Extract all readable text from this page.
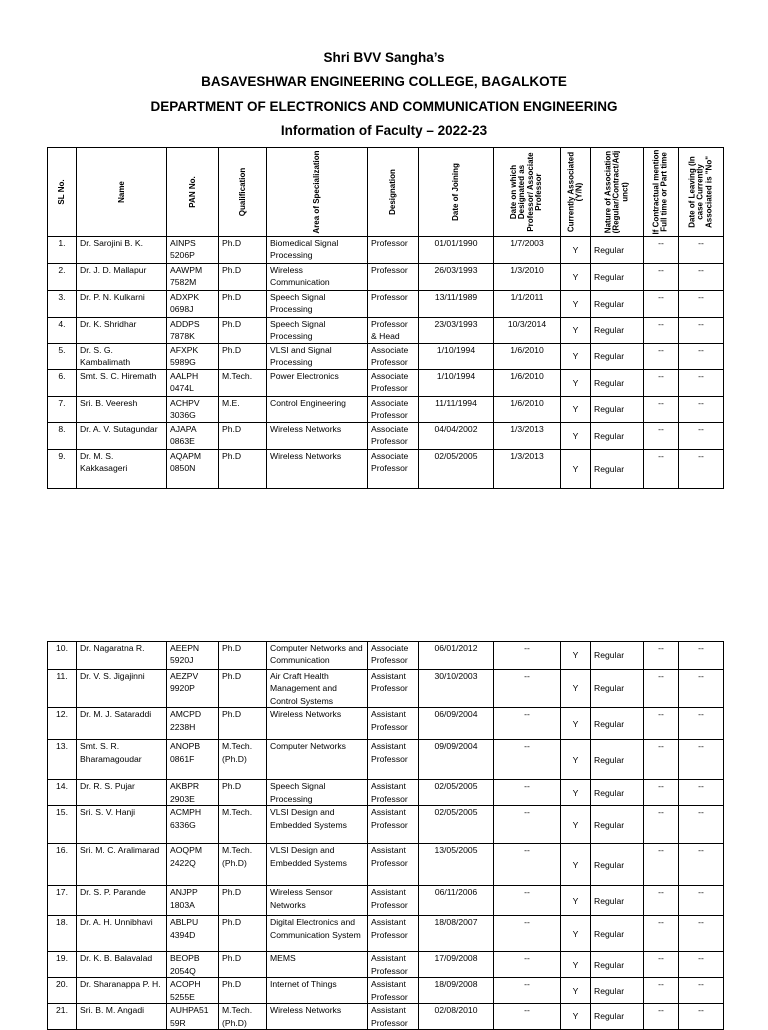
Shri BVV Sangha’s
BASAVESHWAR ENGINEERING COLLEGE, BAGALKOTE
DEPARTMENT OF ELECTRONICS AND COMMUNICATION ENGINEERING
Information of Faculty – 2022-23
SL No.	Name	PAN No.	Qualification	Area of Specialization	Designation	Date of Joining	Date on which Designated as Professor/ Associate Professor	Currently Associated (Y/N)	Nature of Association (Regular/Contract/Adj unct)	If Contractual mention Full time or Part time	Date of Leaving (In case Currently Associated is "No"

1.	Dr. Sarojini B. K.	AINPS 5206P	Ph.D	Biomedical Signal Processing	Professor	01/01/1990	1/7/2003	Y	Regular	--	--
2.	Dr. J. D. Mallapur	AAWPM 7582M	Ph.D	Wireless Communication	Professor	26/03/1993	1/3/2010	Y	Regular	--	--
3.	Dr. P. N. Kulkarni	ADXPK 0698J	Ph.D	Speech Signal Processing	Professor	13/11/1989	1/1/2011	Y	Regular	--	--
4.	Dr. K. Shridhar	ADDPS 7878K	Ph.D	Speech Signal Processing	Professor & Head	23/03/1993	10/3/2014	Y	Regular	--	--
5.	Dr. S. G. Kambalimath	AFXPK 5989G	Ph.D	VLSI and Signal Processing	Associate Professor	1/10/1994	1/6/2010	Y	Regular	--	--
6.	Smt. S. C. Hiremath	AALPH 0474L	M.Tech.	Power Electronics	Associate Professor	1/10/1994	1/6/2010	Y	Regular	--	--
7.	Sri. B. Veeresh	ACHPV 3036G	M.E.	Control Engineering	Associate Professor	11/11/1994	1/6/2010	Y	Regular	--	--
8.	Dr. A. V. Sutagundar	AJAPA 0863E	Ph.D	Wireless Networks	Associate Professor	04/04/2002	1/3/2013	Y	Regular	--	--
9.	Dr. M. S. Kakkasageri	AQAPM 0850N	Ph.D	Wireless Networks	Associate Professor	02/05/2005	1/3/2013	Y	Regular	--	--
10.	Dr. Nagaratna R.	AEEPN 5920J	Ph.D	Computer Networks and Communication	Associate Professor	06/01/2012	--	Y	Regular	--	--
11.	Dr. V. S. Jigajinni	AEZPV 9920P	Ph.D	Air Craft Health Management and Control Systems	Assistant Professor	30/10/2003	--	Y	Regular	--	--
12.	Dr. M. J. Sataraddi	AMCPD 2238H	Ph.D	Wireless Networks	Assistant Professor	06/09/2004	--	Y	Regular	--	--
13.	Smt. S. R. Bharamagoudar	ANOPB 0861F	M.Tech. (Ph.D)	Computer Networks	Assistant Professor	09/09/2004	--	Y	Regular	--	--
14.	Dr. R. S. Pujar	AKBPR 2903E	Ph.D	Speech Signal Processing	Assistant Professor	02/05/2005	--	Y	Regular	--	--
15.	Sri. S. V. Hanji	ACMPH 6336G	M.Tech.	VLSI Design and Embedded Systems	Assistant Professor	02/05/2005	--	Y	Regular	--	--
16.	Sri. M. C. Aralimarad	AOQPM 2422Q	M.Tech. (Ph.D)	VLSI Design and Embedded Systems	Assistant Professor	13/05/2005	--	Y	Regular	--	--
17.	Dr. S. P. Parande	ANJPP 1803A	Ph.D	Wireless Sensor Networks	Assistant Professor	06/11/2006	--	Y	Regular	--	--
18.	Dr. A. H. Unnibhavi	ABLPU 4394D	Ph.D	Digital Electronics and Communication System	Assistant Professor	18/08/2007	--	Y	Regular	--	--
19.	Dr. K. B. Balavalad	BEOPB 2054Q	Ph.D	MEMS	Assistant Professor	17/09/2008	--	Y	Regular	--	--
20.	Dr. Sharanappa P. H.	ACOPH 5255E	Ph.D	Internet of Things	Assistant Professor	18/09/2008	--	Y	Regular	--	--
21.	Sri. B. M. Angadi	AUHPA51 59R	M.Tech. (Ph.D)	Wireless Networks	Assistant Professor	02/08/2010	--	Y	Regular	--	--
